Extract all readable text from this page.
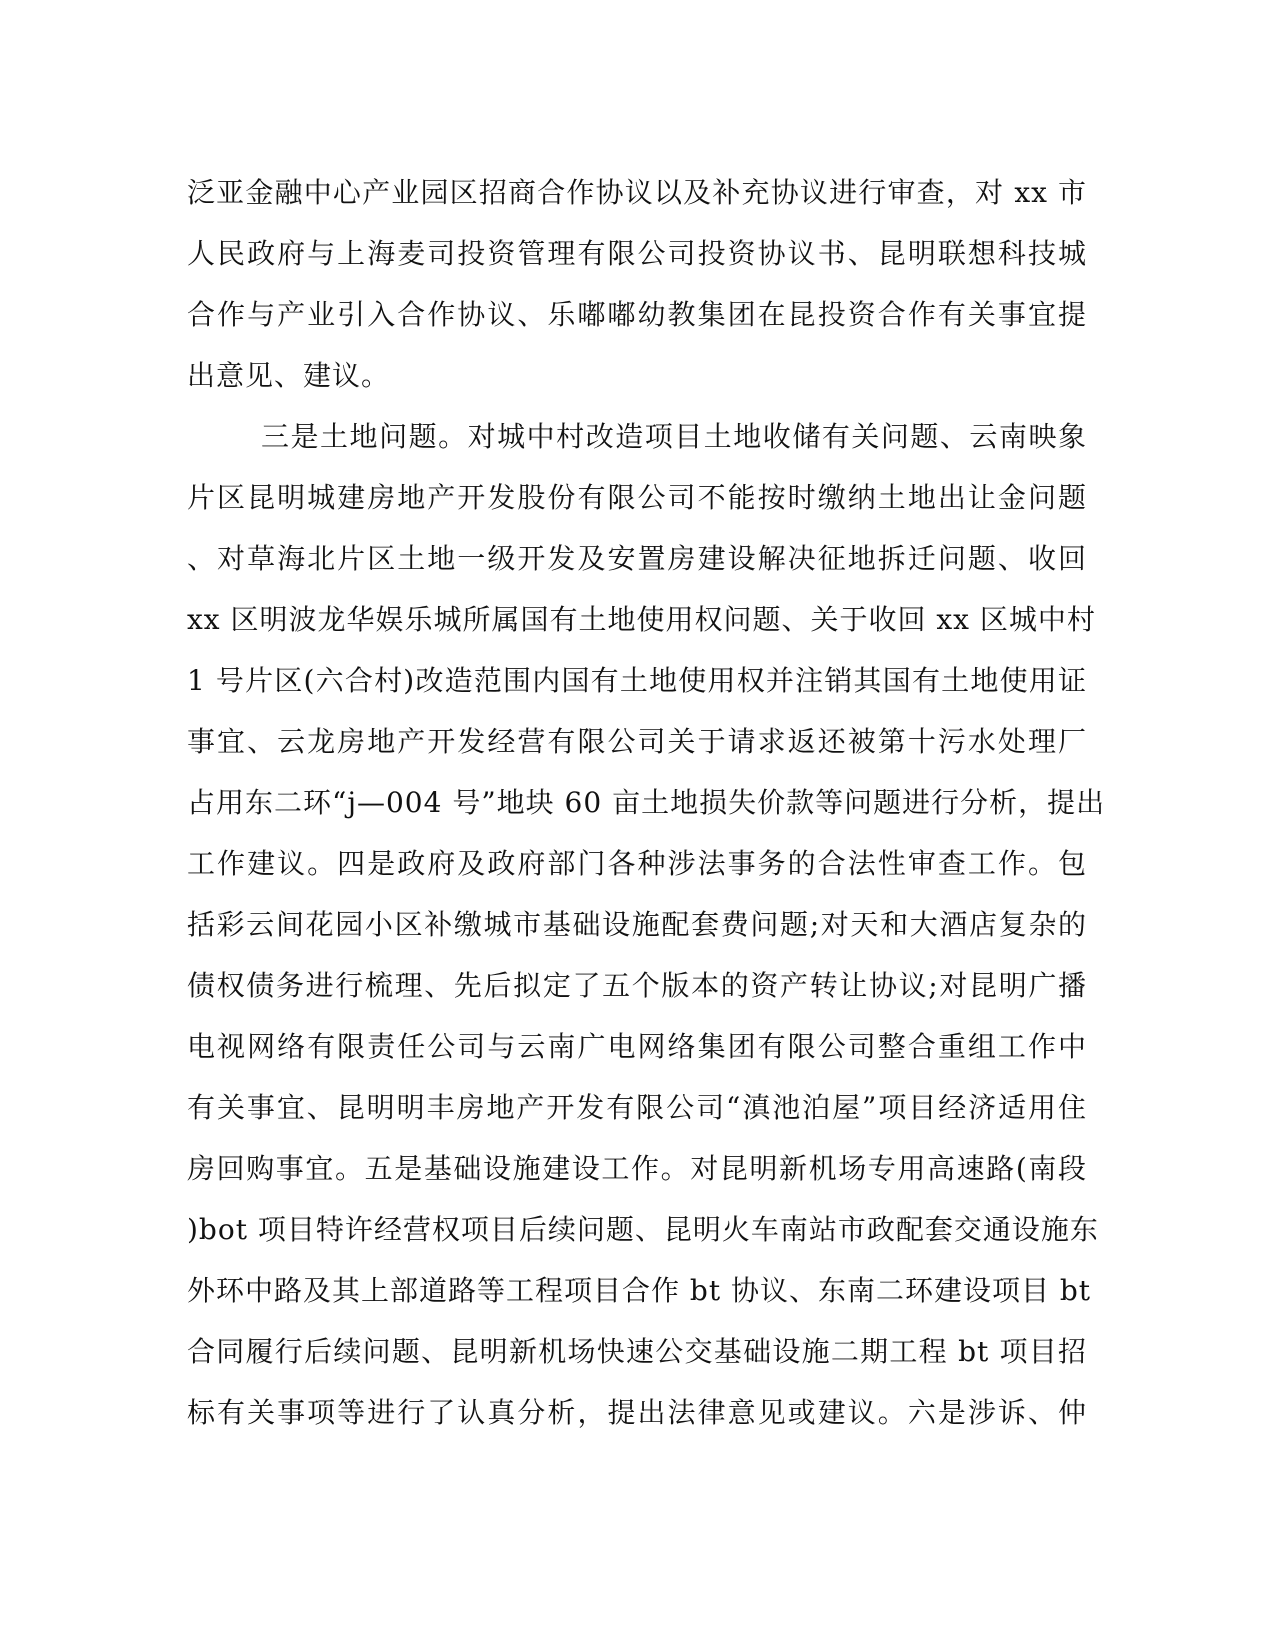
泛亚金融中心产业园区招商合作协议以及补充协议进行审查，对 xx 市
人民政府与上海麦司投资管理有限公司投资协议书、昆明联想科技城
合作与产业引入合作协议、乐嘟嘟幼教集团在昆投资合作有关事宜提
出意见、建议。
三是土地问题。对城中村改造项目土地收储有关问题、云南映象
片区昆明城建房地产开发股份有限公司不能按时缴纳土地出让金问题
、对草海北片区土地一级开发及安置房建设解决征地拆迁问题、收回
xx 区明波龙华娱乐城所属国有土地使用权问题、关于收回 xx 区城中村
1 号片区(六合村)改造范围内国有土地使用权并注销其国有土地使用证
事宜、云龙房地产开发经营有限公司关于请求返还被第十污水处理厂
占用东二环“j—004 号”地块 60 亩土地损失价款等问题进行分析，提出
工作建议。四是政府及政府部门各种涉法事务的合法性审查工作。包
括彩云间花园小区补缴城市基础设施配套费问题;对天和大酒店复杂的
债权债务进行梳理、先后拟定了五个版本的资产转让协议;对昆明广播
电视网络有限责任公司与云南广电网络集团有限公司整合重组工作中
有关事宜、昆明明丰房地产开发有限公司“滇池泊屋”项目经济适用住
房回购事宜。五是基础设施建设工作。对昆明新机场专用高速路(南段
)bot 项目特许经营权项目后续问题、昆明火车南站市政配套交通设施东
外环中路及其上部道路等工程项目合作 bt 协议、东南二环建设项目 bt
合同履行后续问题、昆明新机场快速公交基础设施二期工程 bt 项目招
标有关事项等进行了认真分析，提出法律意见或建议。六是涉诉、仲
